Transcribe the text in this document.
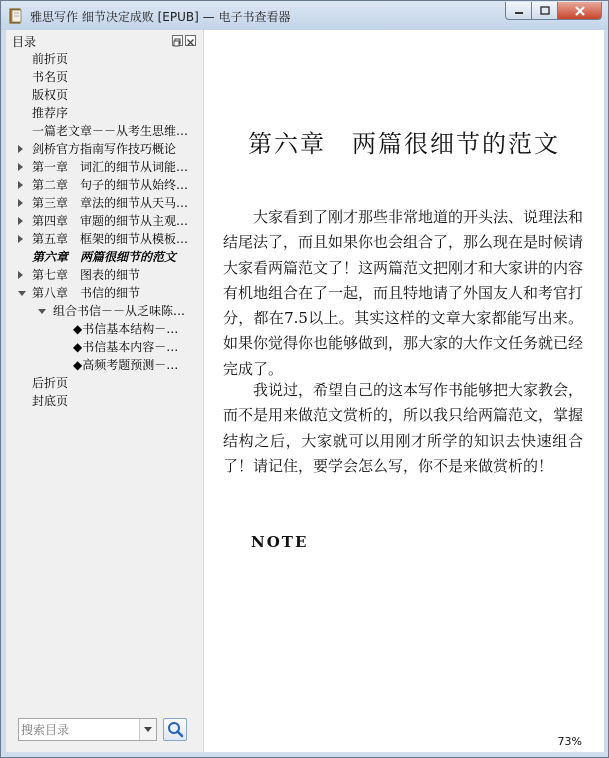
雅思写作 细节决定成败 [EPUB] — 电子书查看器
目录
前折页
书名页
版权页
推荐序
一篇老文章－－从考生思维…
剑桥官方指南写作技巧概论
第一章　词汇的细节从词能…
第二章　句子的细节从始终…
第三章　章法的细节从天马…
第四章　审题的细节从主观…
第五章　框架的细节从模板…
第六章　两篇很细节的范文
第七章　图表的细节
第八章　书信的细节
组合书信－－从乏味陈…
◆书信基本结构－…
◆书信基本内容－…
◆高频考题预测－…
后折页
封底页
搜索目录
第六章　两篇很细节的范文

大家看到了刚才那些非常地道的开头法、说理法和结尾法了，而且如果你也会组合了，那么现在是时候请大家看两篇范文了！这两篇范文把刚才和大家讲的内容有机地组合在了一起，而且特地请了外国友人和考官打分，都在7.5以上。其实这样的文章大家都能写出来。如果你觉得你也能够做到，那大家的大作文任务就已经完成了。

我说过，希望自己的这本写作书能够把大家教会，而不是用来做范文赏析的，所以我只给两篇范文，掌握结构之后，大家就可以用刚才所学的知识去快速组合了！请记住，要学会怎么写，你不是来做赏析的！

NOTE
73%
